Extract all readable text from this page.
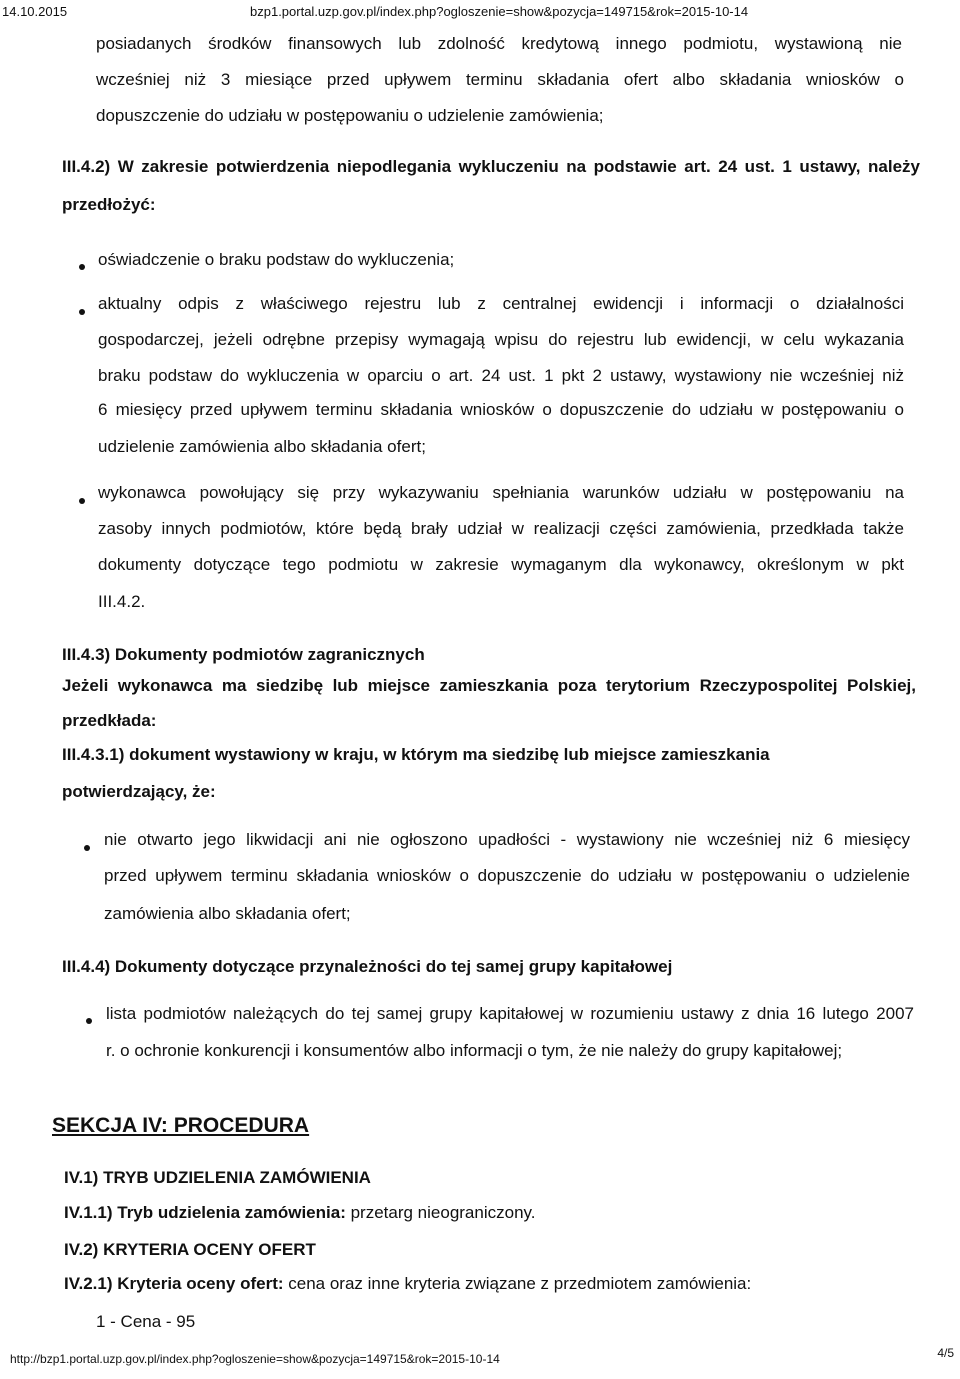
14.10.2015	bzp1.portal.uzp.gov.pl/index.php?ogloszenie=show&pozycja=149715&rok=2015-10-14
posiadanych środków finansowych lub zdolność kredytową innego podmiotu, wystawioną nie
wcześniej niż 3 miesiące przed upływem terminu składania ofert albo składania wniosków o
dopuszczenie do udziału w postępowaniu o udzielenie zamówienia;
III.4.2) W zakresie potwierdzenia niepodlegania wykluczeniu na podstawie art. 24 ust. 1 ustawy, należy
przedłożyć:
oświadczenie o braku podstaw do wykluczenia;
aktualny odpis z właściwego rejestru lub z centralnej ewidencji i informacji o działalności
gospodarczej, jeżeli odrębne przepisy wymagają wpisu do rejestru lub ewidencji, w celu wykazania
braku podstaw do wykluczenia w oparciu o art. 24 ust. 1 pkt 2 ustawy, wystawiony nie wcześniej niż
6 miesięcy przed upływem terminu składania wniosków o dopuszczenie do udziału w postępowaniu o
udzielenie zamówienia albo składania ofert;
wykonawca powołujący się przy wykazywaniu spełniania warunków udziału w postępowaniu na
zasoby innych podmiotów, które będą brały udział w realizacji części zamówienia, przedkłada także
dokumenty dotyczące tego podmiotu w zakresie wymaganym dla wykonawcy, określonym w pkt
III.4.2.
III.4.3) Dokumenty podmiotów zagranicznych
Jeżeli wykonawca ma siedzibę lub miejsce zamieszkania poza terytorium Rzeczypospolitej Polskiej,
przedkłada:
III.4.3.1) dokument wystawiony w kraju, w którym ma siedzibę lub miejsce zamieszkania
potwierdzający, że:
nie otwarto jego likwidacji ani nie ogłoszono upadłości - wystawiony nie wcześniej niż 6 miesięcy
przed upływem terminu składania wniosków o dopuszczenie do udziału w postępowaniu o udzielenie
zamówienia albo składania ofert;
III.4.4) Dokumenty dotyczące przynależności do tej samej grupy kapitałowej
lista podmiotów należących do tej samej grupy kapitałowej w rozumieniu ustawy z dnia 16 lutego 2007
r. o ochronie konkurencji i konsumentów albo informacji o tym, że nie należy do grupy kapitałowej;
SEKCJA IV: PROCEDURA
IV.1) TRYB UDZIELENIA ZAMÓWIENIA
IV.1.1) Tryb udzielenia zamówienia: przetarg nieograniczony.
IV.2) KRYTERIA OCENY OFERT
IV.2.1) Kryteria oceny ofert: cena oraz inne kryteria związane z przedmiotem zamówienia:
1 - Cena - 95
http://bzp1.portal.uzp.gov.pl/index.php?ogloszenie=show&pozycja=149715&rok=2015-10-14	4/5
